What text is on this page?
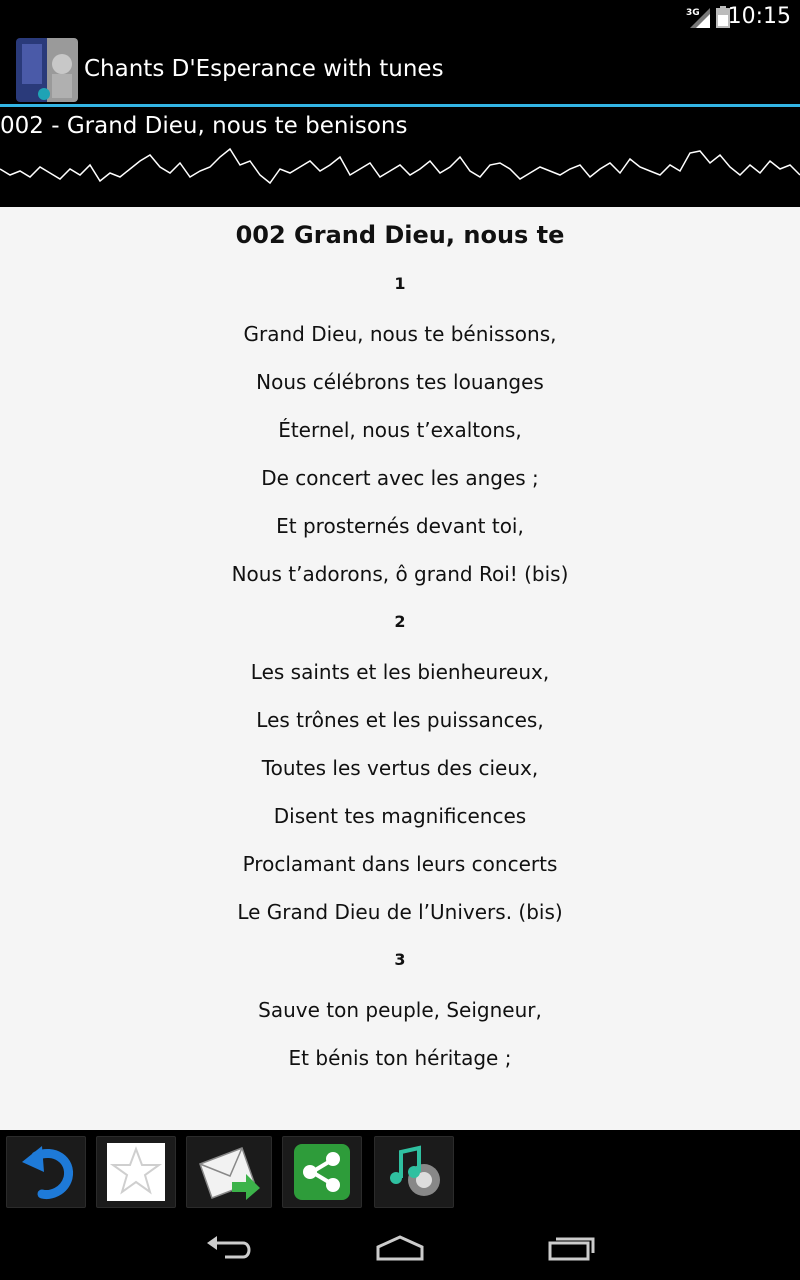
3G 10:15
Chants D'Esperance with tunes
002 - Grand Dieu, nous te benisons
002 Grand Dieu, nous te
1
Grand Dieu, nous te bénissons,
Nous célébrons tes louanges
Éternel, nous t’exaltons,
De concert avec les anges ;
Et prosternés devant toi,
Nous t’adorons, ô grand Roi! (bis)
2
Les saints et les bienheureux,
Les trônes et les puissances,
Toutes les vertus des cieux,
Disent tes magnificences
Proclamant dans leurs concerts
Le Grand Dieu de l’Univers. (bis)
3
Sauve ton peuple, Seigneur,
Et bénis ton héritage ;
